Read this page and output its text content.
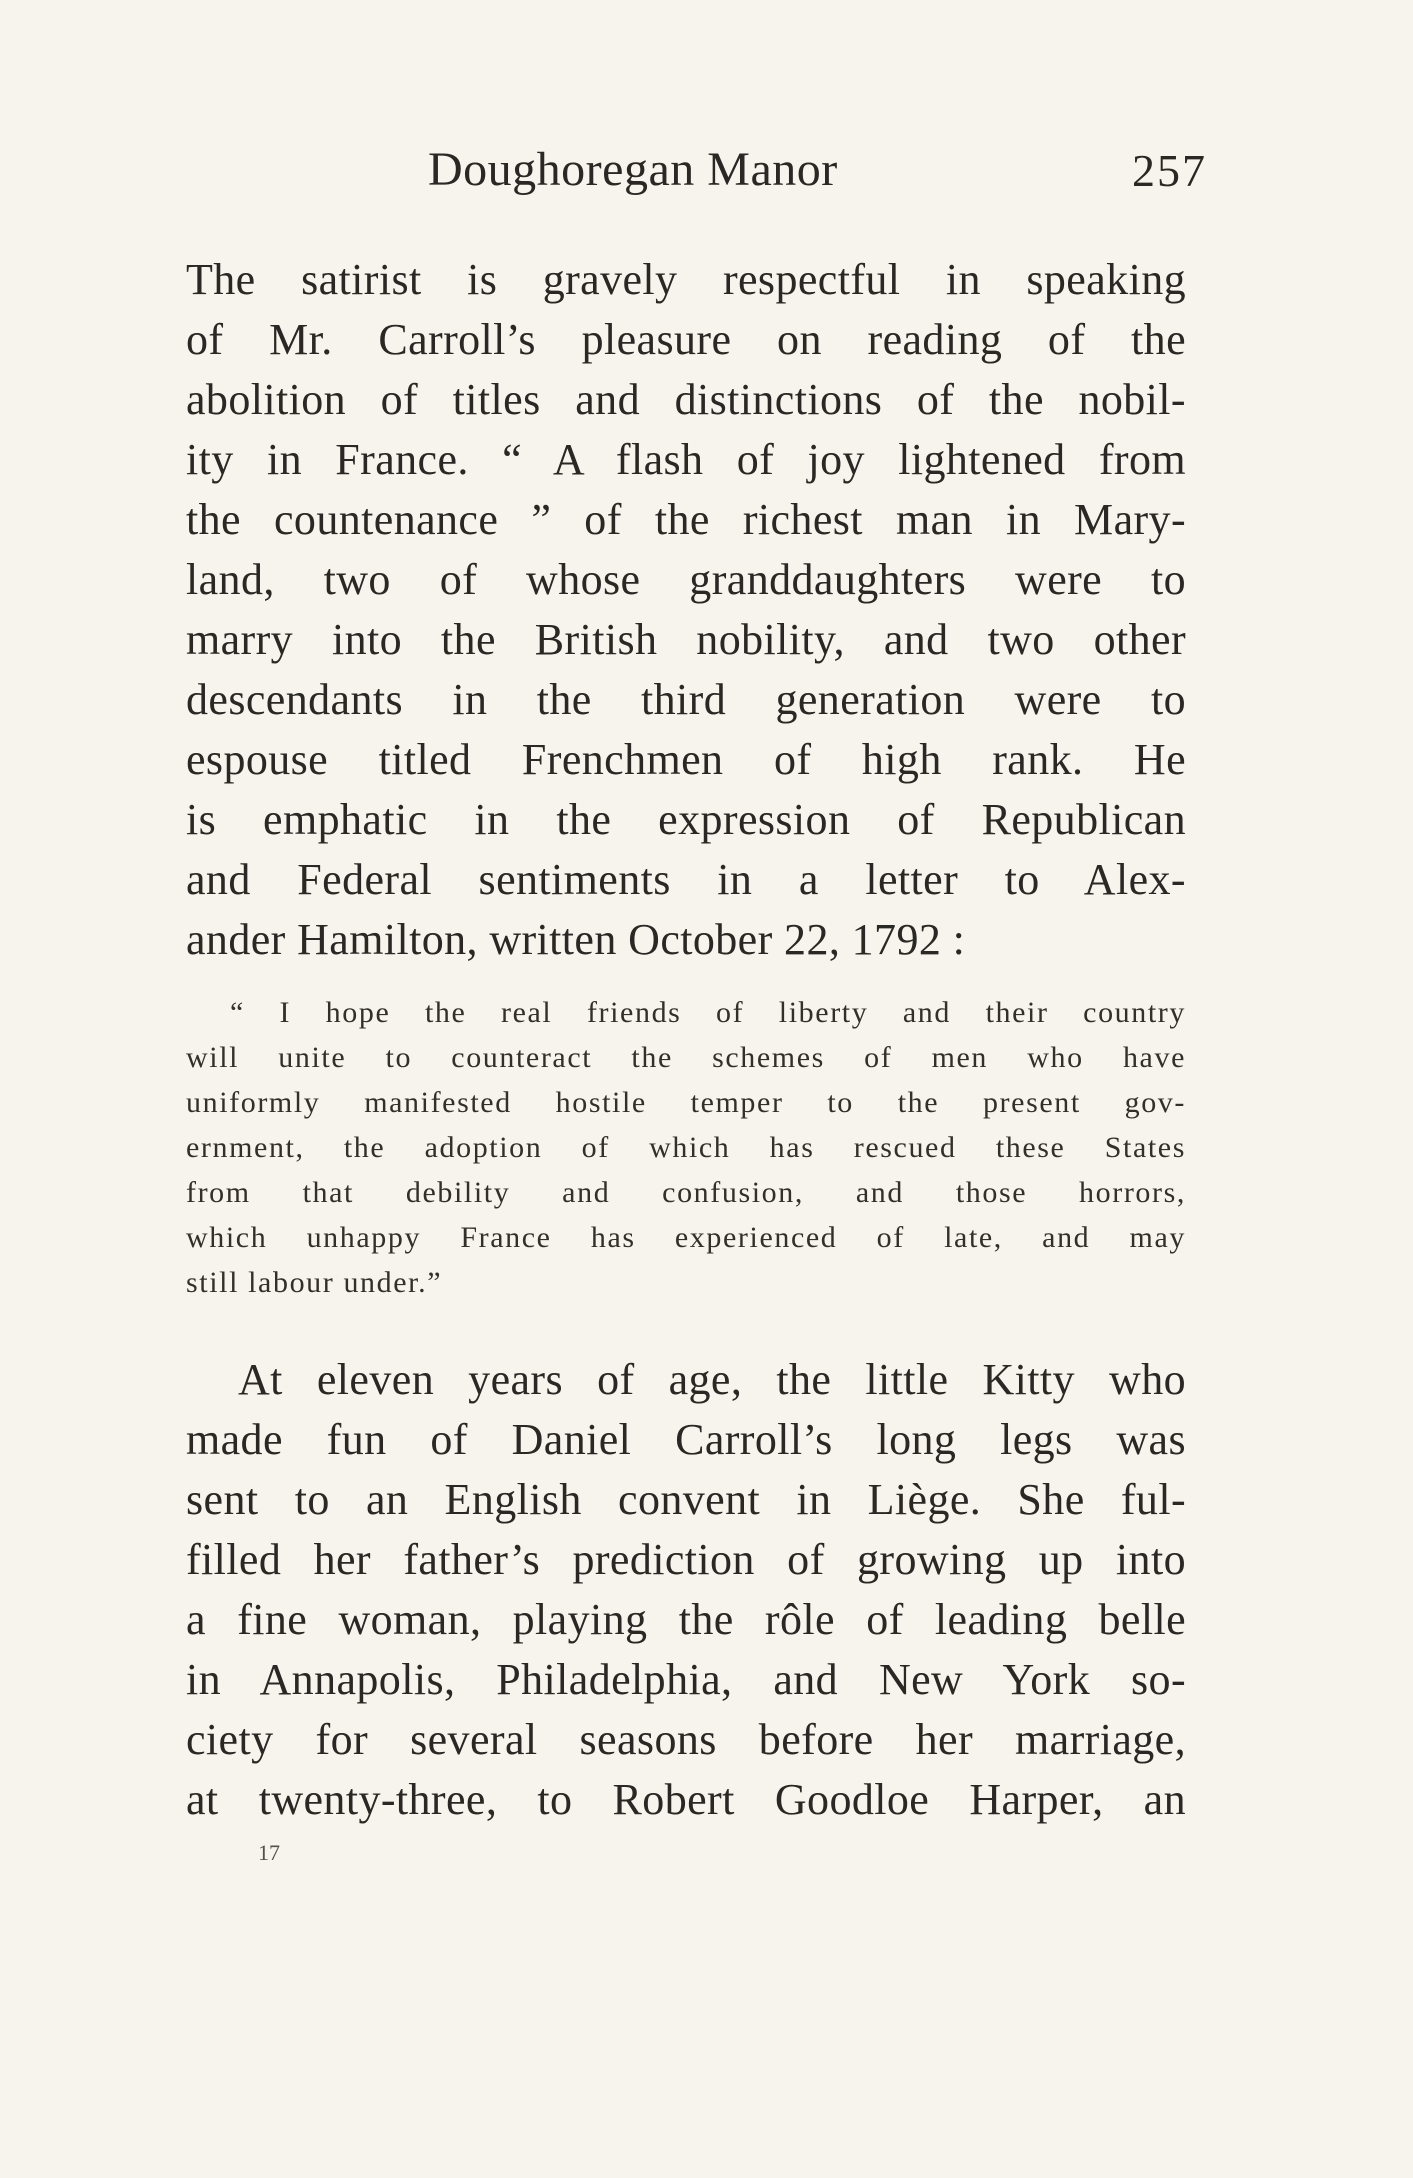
Doughoregan Manor	257
The satirist is gravely respectful in speaking
of Mr. Carroll’s pleasure on reading of the
abolition of titles and distinctions of the nobil-
ity in France. “ A flash of joy lightened from
the countenance ” of the richest man in Mary-
land, two of whose granddaughters were to
marry into the British nobility, and two other
descendants in the third generation were to
espouse titled Frenchmen of high rank. He
is emphatic in the expression of Republican
and Federal sentiments in a letter to Alex-
ander Hamilton, written October 22, 1792 :
“ I hope the real friends of liberty and their country
will unite to counteract the schemes of men who have
uniformly manifested hostile temper to the present gov-
ernment, the adoption of which has rescued these States
from that debility and confusion, and those horrors,
which unhappy France has experienced of late, and may
still labour under.”
At eleven years of age, the little Kitty who
made fun of Daniel Carroll’s long legs was
sent to an English convent in Liège. She ful-
filled her father’s prediction of growing up into
a fine woman, playing the rôle of leading belle
in Annapolis, Philadelphia, and New York so-
ciety for several seasons before her marriage,
at twenty-three, to Robert Goodloe Harper, an
17
